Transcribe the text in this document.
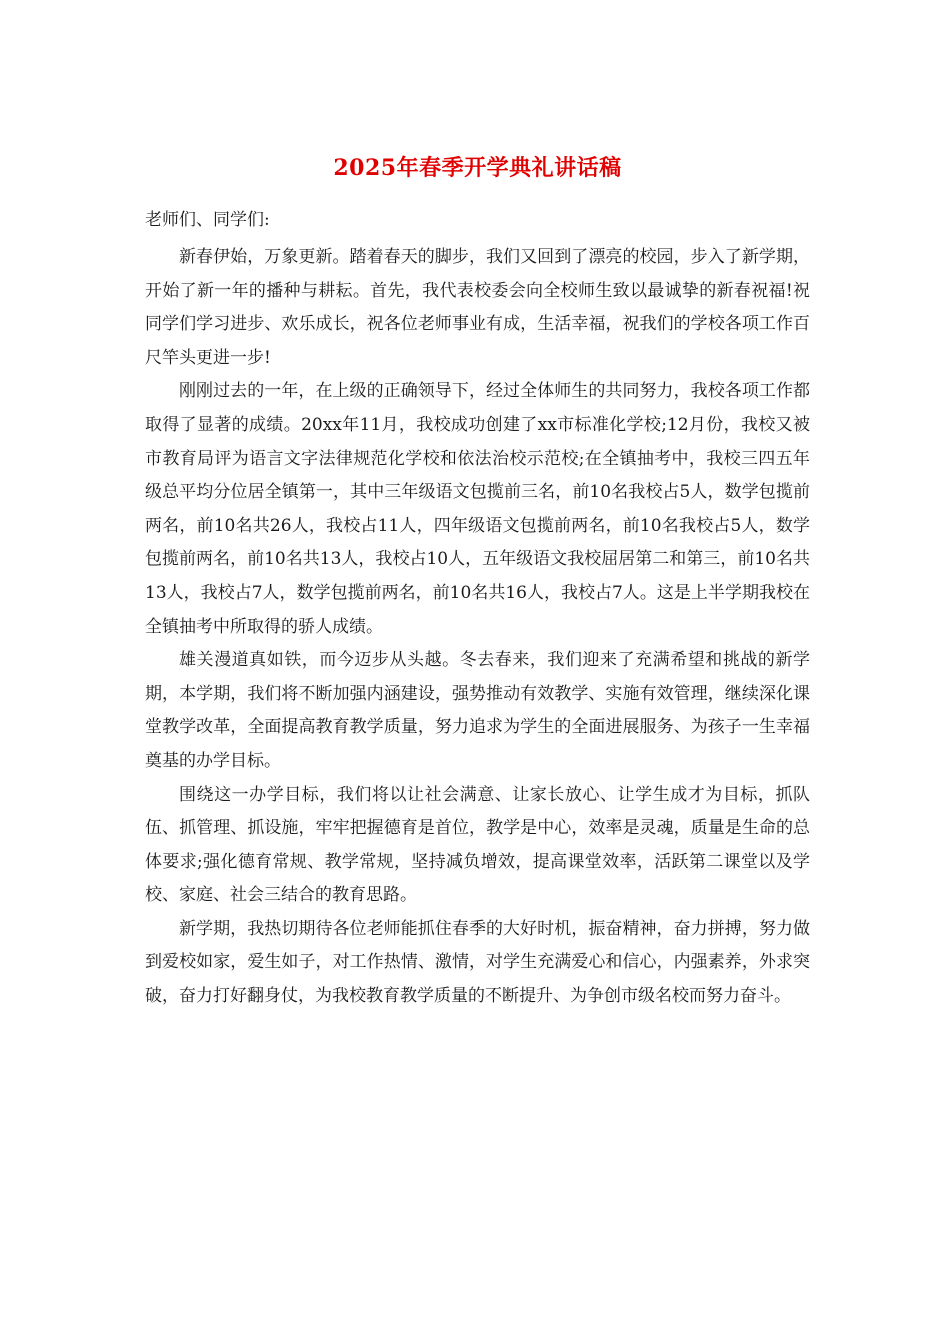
2025年春季开学典礼讲话稿

老师们、同学们:

新春伊始，万象更新。踏着春天的脚步，我们又回到了漂亮的校园，步入了新学期，开始了新一年的播种与耕耘。首先，我代表校委会向全校师生致以最诚挚的新春祝福!祝同学们学习进步、欢乐成长，祝各位老师事业有成，生活幸福，祝我们的学校各项工作百尺竿头更进一步!

刚刚过去的一年，在上级的正确领导下，经过全体师生的共同努力，我校各项工作都取得了显著的成绩。20xx年11月，我校成功创建了xx市标准化学校;12月份，我校又被市教育局评为语言文字法律规范化学校和依法治校示范校;在全镇抽考中，我校三四五年级总平均分位居全镇第一，其中三年级语文包揽前三名，前10名我校占5人，数学包揽前两名，前10名共26人，我校占11人，四年级语文包揽前两名，前10名我校占5人，数学包揽前两名，前10名共13人，我校占10人，五年级语文我校屈居第二和第三，前10名共13人，我校占7人，数学包揽前两名，前10名共16人，我校占7人。这是上半学期我校在全镇抽考中所取得的骄人成绩。

雄关漫道真如铁，而今迈步从头越。冬去春来，我们迎来了充满希望和挑战的新学期，本学期，我们将不断加强内涵建设，强势推动有效教学、实施有效管理，继续深化课堂教学改革，全面提高教育教学质量，努力追求为学生的全面进展服务、为孩子一生幸福奠基的办学目标。

围绕这一办学目标，我们将以让社会满意、让家长放心、让学生成才为目标，抓队伍、抓管理、抓设施，牢牢把握德育是首位，教学是中心，效率是灵魂，质量是生命的总体要求;强化德育常规、教学常规，坚持减负增效，提高课堂效率，活跃第二课堂以及学校、家庭、社会三结合的教育思路。

新学期，我热切期待各位老师能抓住春季的大好时机，振奋精神，奋力拼搏，努力做到爱校如家，爱生如子，对工作热情、激情，对学生充满爱心和信心，内强素养，外求突破，奋力打好翻身仗，为我校教育教学质量的不断提升、为争创市级名校而努力奋斗。
